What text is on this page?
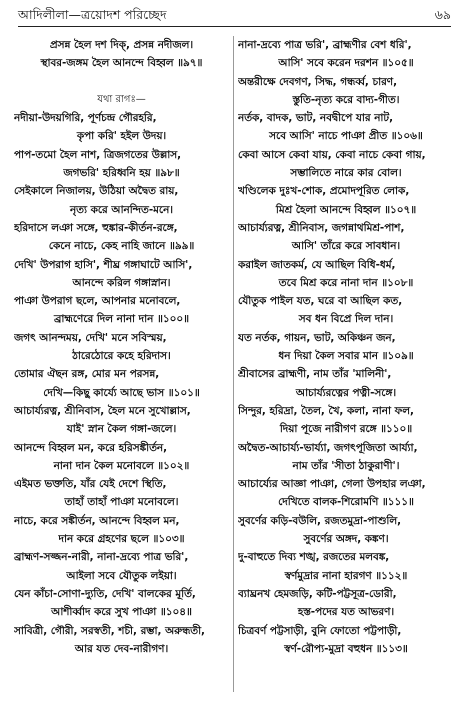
আদিলীলা—ত্রয়োদশ পরিচ্ছেদ	৬৯
প্রসন্ন হৈল দশ দিক্‌, প্রসন্ন নদীজল।
স্থাবর-জঙ্গম হৈল আনন্দে বিহ্বল ॥৯৭॥
যথা রাগঃ—
নদীয়া-উদয়গিরি, পূর্ণচন্দ্র গৌরহরি,
কৃপা করি' হইল উদয়।
পাপ-তমো হৈল নাশ, ত্রিজগতের উল্লাস,
জগভরি' হরিধ্বনি হয় ॥৯৮॥
সেইকালে নিজালয়, উঠিয়া অদ্বৈত রায়,
নৃত্য করে আনন্দিত-মনে।
হরিদাসে লঞা সঙ্গে, হুঙ্কার-কীর্তন-রঙ্গে,
কেনে নাচে, কেহ নাহি জানে ॥৯৯॥
দেখি' উপরাগ হাসি', শীঘ্র গঙ্গাঘাটে আসি',
আনন্দে করিল গঙ্গাস্নান।
পাঞা উপরাগ ছলে, আপনার মনোবলে,
ব্রাহ্মণেরে দিল নানা দান ॥১০০॥
জগৎ আনন্দময়, দেখি' মনে সবিস্ময়,
ঠারেঠোরে কহে হরিদাস।
তোমার ঐছন রঙ্গ, মোর মন পরসন্ন,
দেখি—কিছু কার্য্যে আছে ভাস ॥১০১॥
আচার্য্যরত্ন, শ্রীনিবাস, হৈল মনে সুখোল্লাস,
যাই' স্নান কৈল গঙ্গা-জলে।
আনন্দে বিহ্বল মন, করে হরিসঙ্কীর্তন,
নানা দান কৈল মনোবলে ॥১০২॥
এইমত ভক্ততি, যাঁর যেই দেশে স্থিতি,
তাহাঁ তাহাঁ পাঞা মনোবলে।
নাচে, করে সঙ্কীর্তন, আনন্দে বিহ্বল মন,
দান করে গ্রহণের ছলে ॥১০৩॥
ব্রাহ্মণ-সজ্জন-নারী, নানা-দ্রব্যে পাত্র ভরি',
আইলা সবে যৌতুক লইয়া।
যেন কাঁচা-সোণা-দ্যুতি, দেখি' বালকের মূর্তি,
আশীর্ব্বাদ করে সুখ পাঞা ॥১০৪॥
সাবিত্রী, গৌরী, সরস্বতী, শচী, রম্ভা, অরুন্ধতী,
আর যত দেব-নারীগণ।
নানা-দ্রব্যে পাত্র ভরি', ব্রাহ্মণীর বেশ ধরি',
আসি' সবে করেন দরশন ॥১০৫॥
অন্তরীক্ষে দেবগণ, সিদ্ধ, গন্ধর্ব্ব, চারণ,
স্তুতি-নৃত্য করে বাদ্য-গীত।
নর্তক, বাদক, ভাট, নবদ্বীপে যার নাট,
সবে আসি' নাচে পাঞা প্রীত ॥১০৬॥
কেবা আসে কেবা যায়, কেবা নাচে কেবা গায়,
সম্ভালিতে নারে কার বোল।
খণ্ডিলেক দুঃখ-শোক, প্রমোদপূরিত লোক,
মিশ্র হৈলা আনন্দে বিহ্বল ॥১০৭॥
আচার্য্যরত্ন, শ্রীনিবাস, জগন্নাথমিশ্র-পাশ,
আসি' তাঁরে করে সাবধান।
করাইল জাতকর্ম, যে আছিল বিধি-ধর্ম,
তবে মিশ্র করে নানা দান ॥১০৮॥
যৌতুক পাইল যত, ঘরে বা আছিল কত,
সব ধন বিপ্রে দিল দান।
যত নর্তক, গায়ন, ভাট, অকিঞ্চন জন,
ধন দিয়া কৈল সবার মান ॥১০৯॥
শ্রীবাসের ব্রাহ্মণী, নাম তাঁর 'মালিনী',
আচার্য্যরত্নের পত্নী-সঙ্গে।
সিন্দুর, হরিদ্রা, তৈল, খৈ, কলা, নানা ফল,
দিয়া পূজে নারীগণ রঙ্গে ॥১১০॥
অদ্বৈত-আচার্য্য-ভার্য্যা, জগৎপূজিতা আর্য্যা,
নাম তাঁর 'সীতা ঠাকুরাণী'।
আচার্য্যের আজ্ঞা পাঞা, গেলা উপহার লঞা,
দেখিতে বালক-শিরোমণি ॥১১১॥
সুবর্ণের কড়ি-বউলি, রজতমুদ্রা-পাশুলি,
সুবর্ণের অঙ্গদ, কঙ্কণ।
দু-বাহুতে দিব্য শঙ্খ, রজতের মলবঙ্ক,
স্বর্ণমুদ্রার নানা হারগণ ॥১১২॥
ব্যাঘ্রনখ হেমজড়ি, কটি-পট্টসূত্র-ডোরী,
হস্ত-পদের যত আভরণ।
চিত্রবর্ণ পট্টসাড়ী, বুনি ফোতো পট্টপাড়ী,
স্বর্ণ-রৌপ্য-মুদ্রা বহুধন ॥১১৩॥
